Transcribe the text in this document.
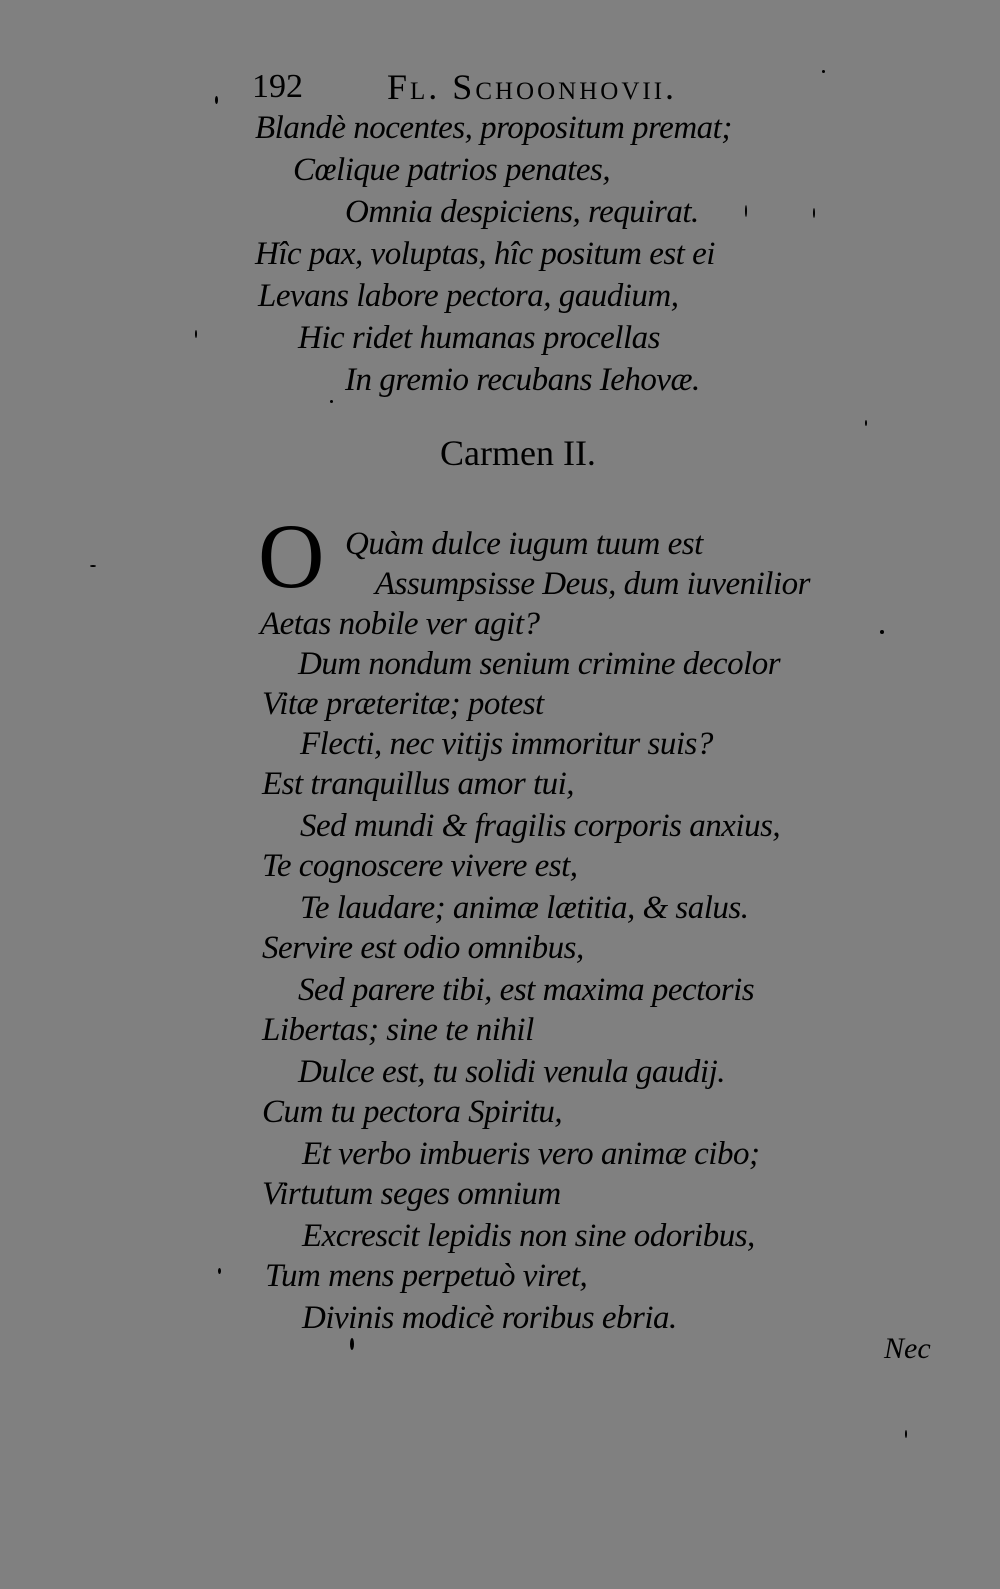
192 Fl. Schoonhovii.
Blandè nocentes, propositum premat;
Cœlique patrios penates,
Omnia despiciens, requirat.
Hîc pax, voluptas, hîc positum est ei
Levans labore pectora, gaudium,
Hic ridet humanas procellas
In gremio recubans Iehovæ.
Carmen II.
O Quàm dulce iugum tuum est
Assumpsisse Deus, dum iuvenilior
Aetas nobile ver agit?
Dum nondum senium crimine decolor
Vitæ præteritæ; potest
Flecti, nec vitijs immoritur suis?
Est tranquillus amor tui,
Sed mundi & fragilis corporis anxius,
Te cognoscere vivere est,
Te laudare; animæ lætitia, & salus.
Servire est odio omnibus,
Sed parere tibi, est maxima pectoris
Libertas; sine te nihil
Dulce est, tu solidi venula gaudij.
Cum tu pectora Spiritu,
Et verbo imbueris vero animæ cibo;
Virtutum seges omnium
Excrescit lepidis non sine odoribus,
Tum mens perpetuò viret,
Divinis modicè roribus ebria.
Nec
